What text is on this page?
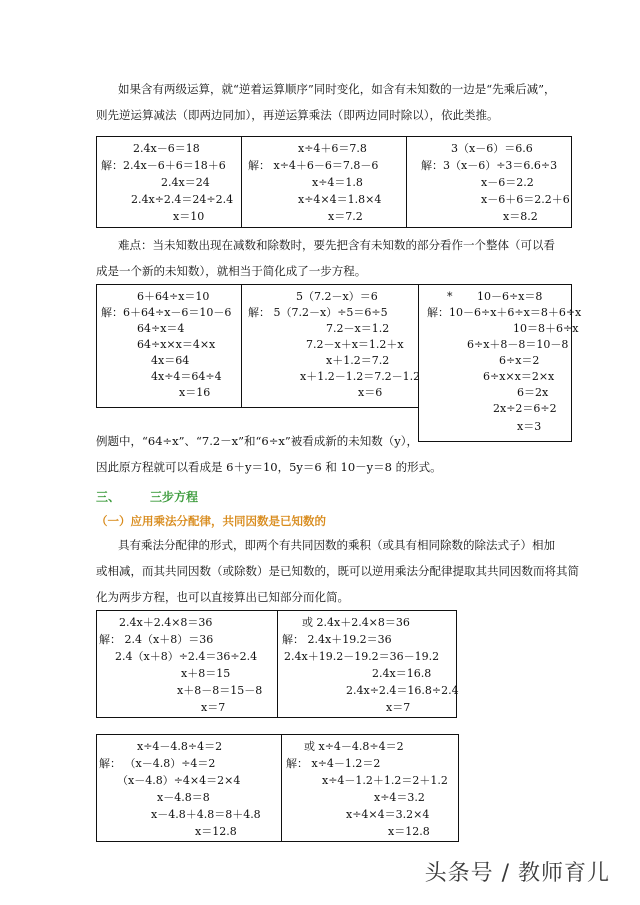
如果含有两级运算，就“逆着运算顺序”同时变化，如含有未知数的一边是“先乘后减”，
则先逆运算减法（即两边同加），再逆运算乘法（即两边同时除以），依此类推。
2.4x－6＝18
解：2.4x－6＋6＝18＋6
2.4x＝24
2.4x÷2.4＝24÷2.4
x＝10
x÷4＋6＝7.8
解： x÷4＋6－6＝7.8－6
x÷4＝1.8
x÷4×4＝1.8×4
x＝7.2
3（x－6）＝6.6
解：3（x－6）÷3＝6.6÷3
x－6＝2.2
x－6＋6＝2.2＋6
x＝8.2
难点：当未知数出现在减数和除数时，要先把含有未知数的部分看作一个整体（可以看
成是一个新的未知数），就相当于简化成了一步方程。
6＋64÷x＝10
解：6＋64÷x－6＝10－6
64÷x＝4
64÷x×x＝4×x
4x＝64
4x÷4＝64÷4
x＝16
5（7.2－x）＝6
解： 5（7.2－x）÷5＝6÷5
7.2－x＝1.2
7.2－x＋x＝1.2＋x
x＋1.2＝7.2
x＋1.2－1.2＝7.2－1.2
x＝6
* 10－6÷x＝8
解：10－6÷x＋6÷x＝8＋6÷x
10＝8＋6÷x
6÷x＋8－8＝10－8
6÷x＝2
6÷x×x＝2×x
6＝2x
2x÷2＝6÷2
x＝3
例题中，“64÷x”、“7.2－x”和“6÷x”被看成新的未知数（y），
因此原方程就可以看成是 6＋y＝10，5y＝6 和 10－y＝8 的形式。
三、 三步方程
（一）应用乘法分配律，共同因数是已知数的
具有乘法分配律的形式，即两个有共同因数的乘积（或具有相同除数的除法式子）相加
或相减，而其共同因数（或除数）是已知数的，既可以逆用乘法分配律提取其共同因数而将其简
化为两步方程，也可以直接算出已知部分而化简。
2.4x＋2.4×8＝36
解： 2.4（x＋8）＝36
2.4（x＋8）÷2.4＝36÷2.4
x＋8＝15
x＋8－8＝15－8
x＝7
或 2.4x＋2.4×8＝36
解： 2.4x＋19.2＝36
2.4x＋19.2－19.2＝36－19.2
2.4x＝16.8
2.4x÷2.4＝16.8÷2.4
x＝7
x÷4－4.8÷4＝2
解： （x－4.8）÷4＝2
（x－4.8）÷4×4＝2×4
x－4.8＝8
x－4.8＋4.8＝8＋4.8
x＝12.8
或 x÷4－4.8÷4＝2
解： x÷4－1.2＝2
x÷4－1.2＋1.2＝2＋1.2
x÷4＝3.2
x÷4×4＝3.2×4
x＝12.8
头条号 / 教师育儿
